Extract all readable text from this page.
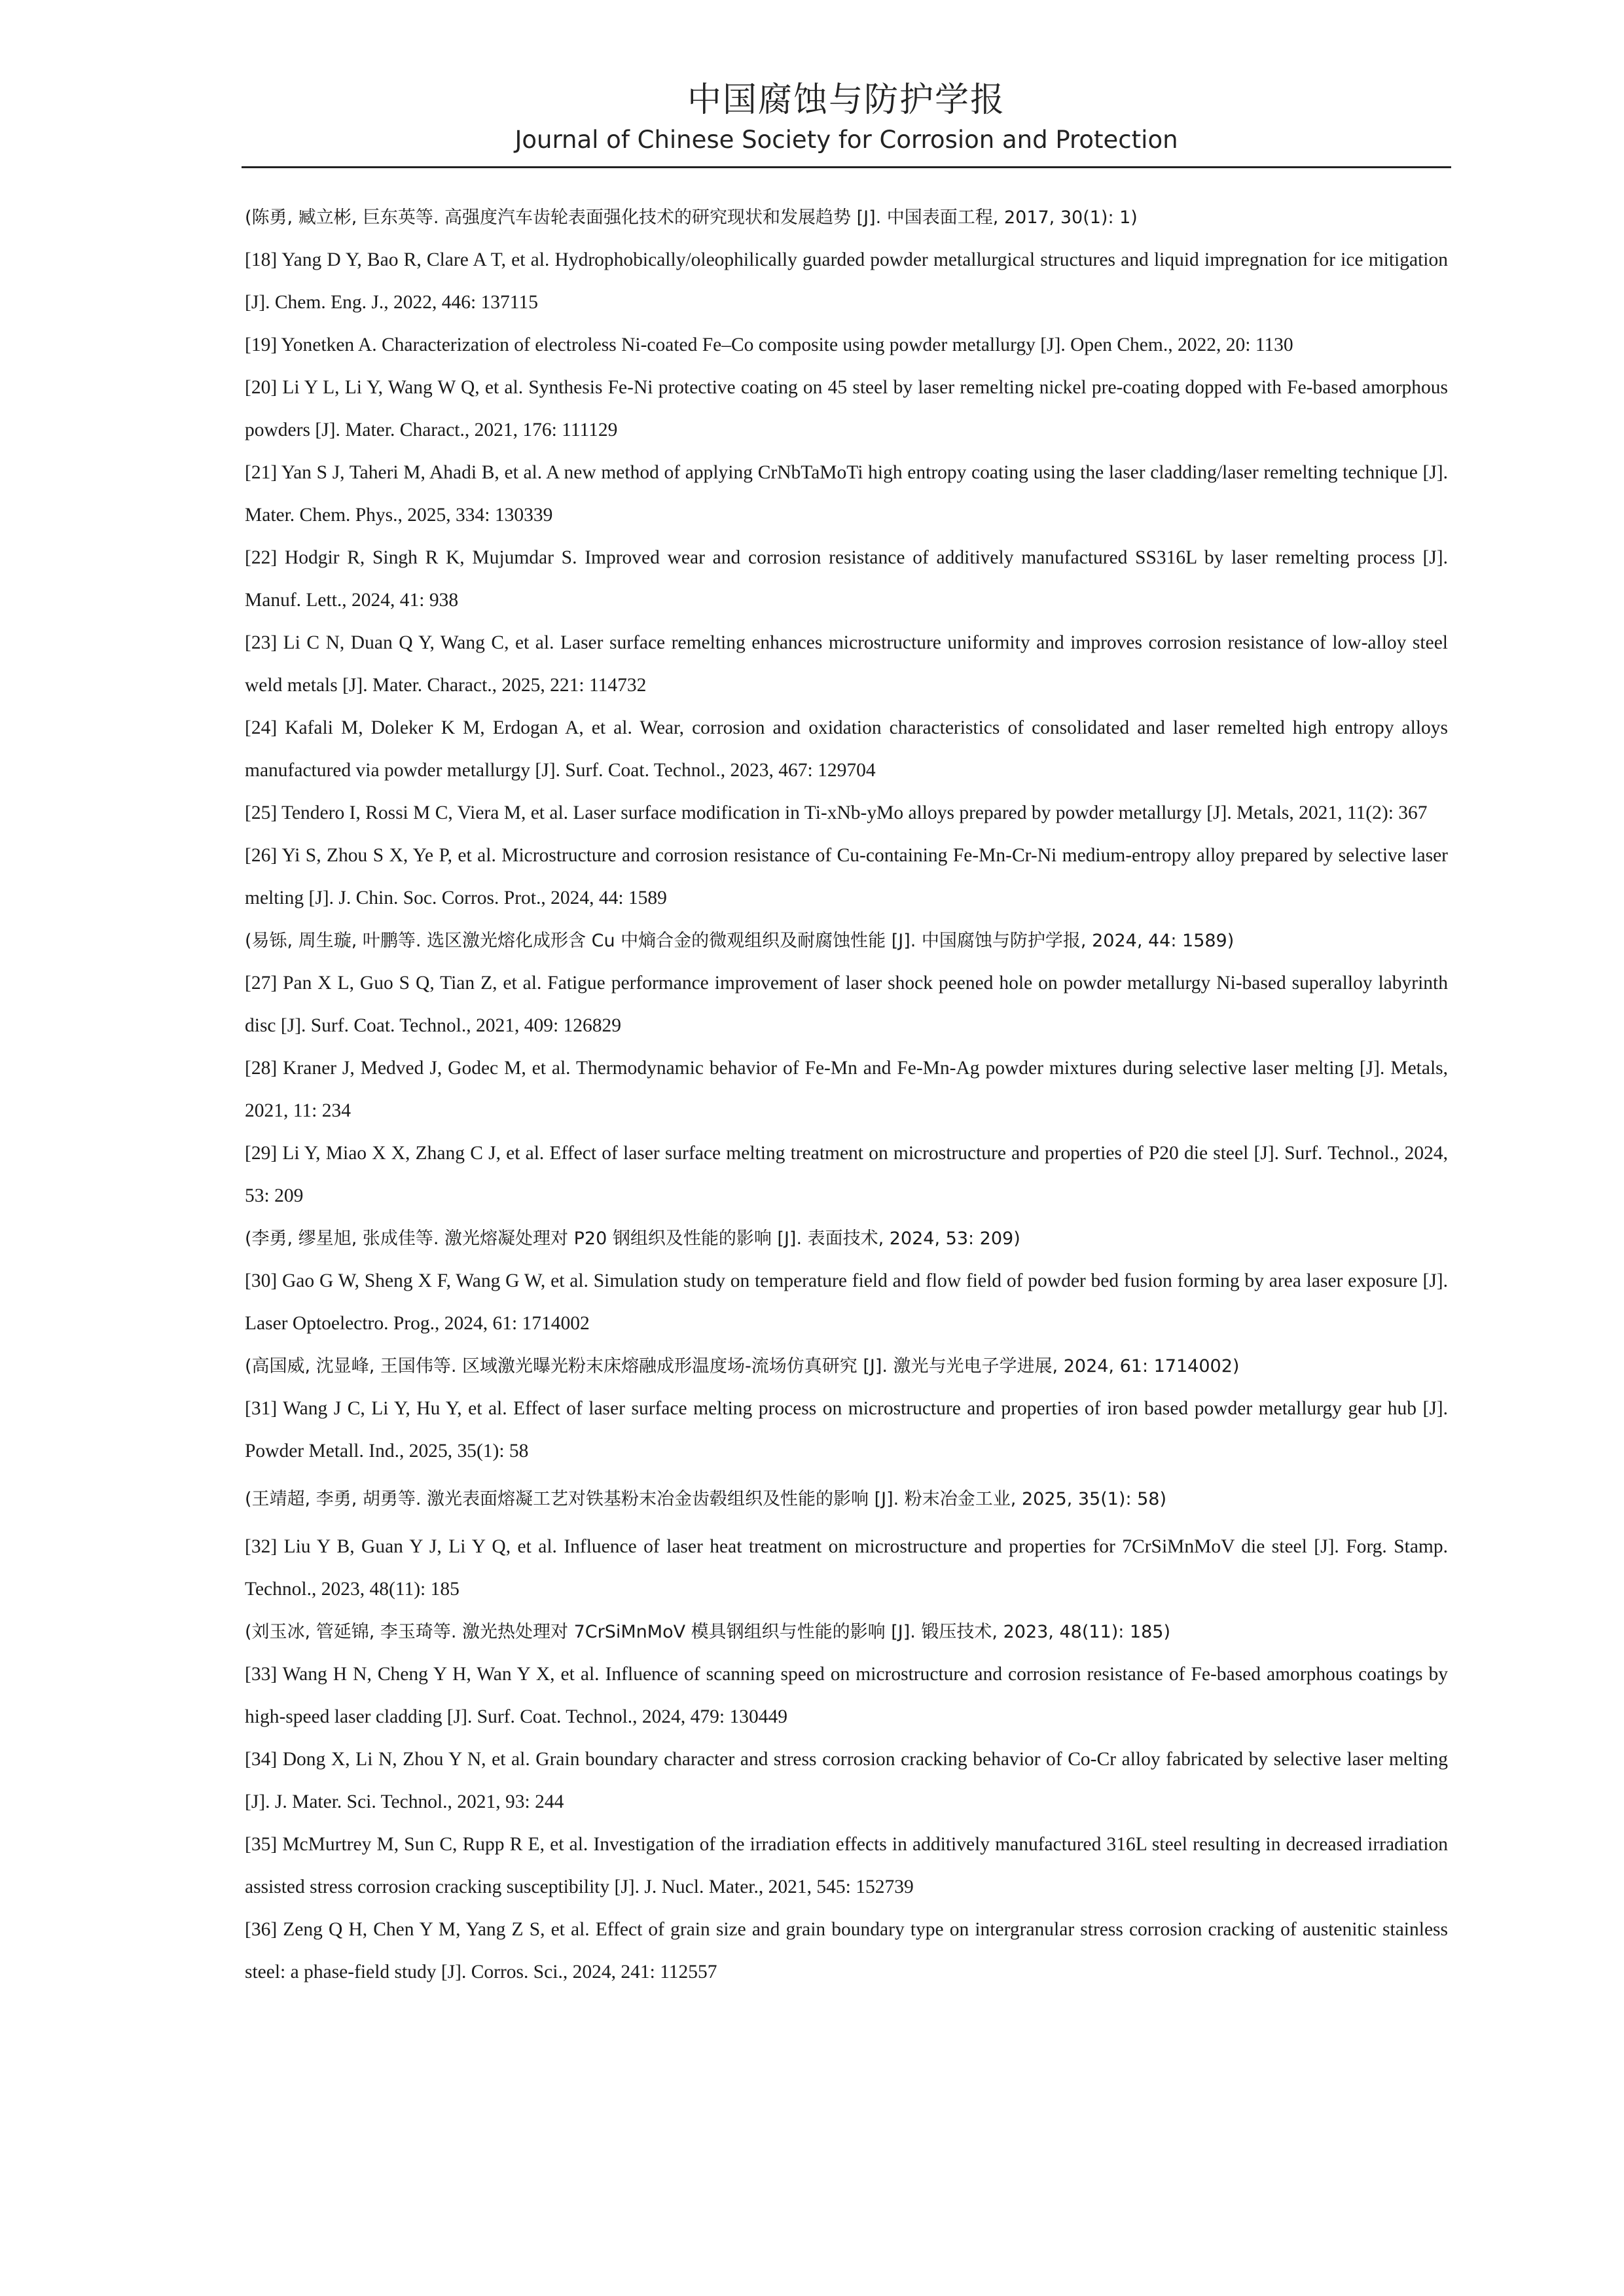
中国腐蚀与防护学报
Journal of Chinese Society for Corrosion and Protection
(陈勇, 臧立彬, 巨东英等. 高强度汽车齿轮表面强化技术的研究现状和发展趋势 [J]. 中国表面工程, 2017, 30(1): 1)
[18] Yang D Y, Bao R, Clare A T, et al. Hydrophobically/oleophilically guarded powder metallurgical structures and liquid impregnation for ice mitigation [J]. Chem. Eng. J., 2022, 446: 137115
[19] Yonetken A. Characterization of electroless Ni-coated Fe–Co composite using powder metallurgy [J]. Open Chem., 2022, 20: 1130
[20] Li Y L, Li Y, Wang W Q, et al. Synthesis Fe-Ni protective coating on 45 steel by laser remelting nickel pre-coating dopped with Fe-based amorphous powders [J]. Mater. Charact., 2021, 176: 111129
[21] Yan S J, Taheri M, Ahadi B, et al. A new method of applying CrNbTaMoTi high entropy coating using the laser cladding/laser remelting technique [J]. Mater. Chem. Phys., 2025, 334: 130339
[22] Hodgir R, Singh R K, Mujumdar S. Improved wear and corrosion resistance of additively manufactured SS316L by laser remelting process [J]. Manuf. Lett., 2024, 41: 938
[23] Li C N, Duan Q Y, Wang C, et al. Laser surface remelting enhances microstructure uniformity and improves corrosion resistance of low-alloy steel weld metals [J]. Mater. Charact., 2025, 221: 114732
[24] Kafali M, Doleker K M, Erdogan A, et al. Wear, corrosion and oxidation characteristics of consolidated and laser remelted high entropy alloys manufactured via powder metallurgy [J]. Surf. Coat. Technol., 2023, 467: 129704
[25] Tendero I, Rossi M C, Viera M, et al. Laser surface modification in Ti-xNb-yMo alloys prepared by powder metallurgy [J]. Metals, 2021, 11(2): 367
[26] Yi S, Zhou S X, Ye P, et al. Microstructure and corrosion resistance of Cu-containing Fe-Mn-Cr-Ni medium-entropy alloy prepared by selective laser melting [J]. J. Chin. Soc. Corros. Prot., 2024, 44: 1589
(易铄, 周生璇, 叶鹏等. 选区激光熔化成形含 Cu 中熵合金的微观组织及耐腐蚀性能 [J]. 中国腐蚀与防护学报, 2024, 44: 1589)
[27] Pan X L, Guo S Q, Tian Z, et al. Fatigue performance improvement of laser shock peened hole on powder metallurgy Ni-based superalloy labyrinth disc [J]. Surf. Coat. Technol., 2021, 409: 126829
[28] Kraner J, Medved J, Godec M, et al. Thermodynamic behavior of Fe-Mn and Fe-Mn-Ag powder mixtures during selective laser melting [J]. Metals, 2021, 11: 234
[29] Li Y, Miao X X, Zhang C J, et al. Effect of laser surface melting treatment on microstructure and properties of P20 die steel [J]. Surf. Technol., 2024, 53: 209
(李勇, 缪星旭, 张成佳等. 激光熔凝处理对 P20 钢组织及性能的影响 [J]. 表面技术, 2024, 53: 209)
[30] Gao G W, Sheng X F, Wang G W, et al. Simulation study on temperature field and flow field of powder bed fusion forming by area laser exposure [J]. Laser Optoelectro. Prog., 2024, 61: 1714002
(高国威, 沈显峰, 王国伟等. 区域激光曝光粉末床熔融成形温度场-流场仿真研究 [J]. 激光与光电子学进展, 2024, 61: 1714002)
[31] Wang J C, Li Y, Hu Y, et al. Effect of laser surface melting process on microstructure and properties of iron based powder metallurgy gear hub [J]. Powder Metall. Ind., 2025, 35(1): 58
(王靖超, 李勇, 胡勇等. 激光表面熔凝工艺对铁基粉末冶金齿毂组织及性能的影响 [J]. 粉末冶金工业, 2025, 35(1): 58)
[32] Liu Y B, Guan Y J, Li Y Q, et al. Influence of laser heat treatment on microstructure and properties for 7CrSiMnMoV die steel [J]. Forg. Stamp. Technol., 2023, 48(11): 185
(刘玉冰, 管延锦, 李玉琦等. 激光热处理对 7CrSiMnMoV 模具钢组织与性能的影响 [J]. 锻压技术, 2023, 48(11): 185)
[33] Wang H N, Cheng Y H, Wan Y X, et al. Influence of scanning speed on microstructure and corrosion resistance of Fe-based amorphous coatings by high-speed laser cladding [J]. Surf. Coat. Technol., 2024, 479: 130449
[34] Dong X, Li N, Zhou Y N, et al. Grain boundary character and stress corrosion cracking behavior of Co-Cr alloy fabricated by selective laser melting [J]. J. Mater. Sci. Technol., 2021, 93: 244
[35] McMurtrey M, Sun C, Rupp R E, et al. Investigation of the irradiation effects in additively manufactured 316L steel resulting in decreased irradiation assisted stress corrosion cracking susceptibility [J]. J. Nucl. Mater., 2021, 545: 152739
[36] Zeng Q H, Chen Y M, Yang Z S, et al. Effect of grain size and grain boundary type on intergranular stress corrosion cracking of austenitic stainless steel: a phase-field study [J]. Corros. Sci., 2024, 241: 112557
